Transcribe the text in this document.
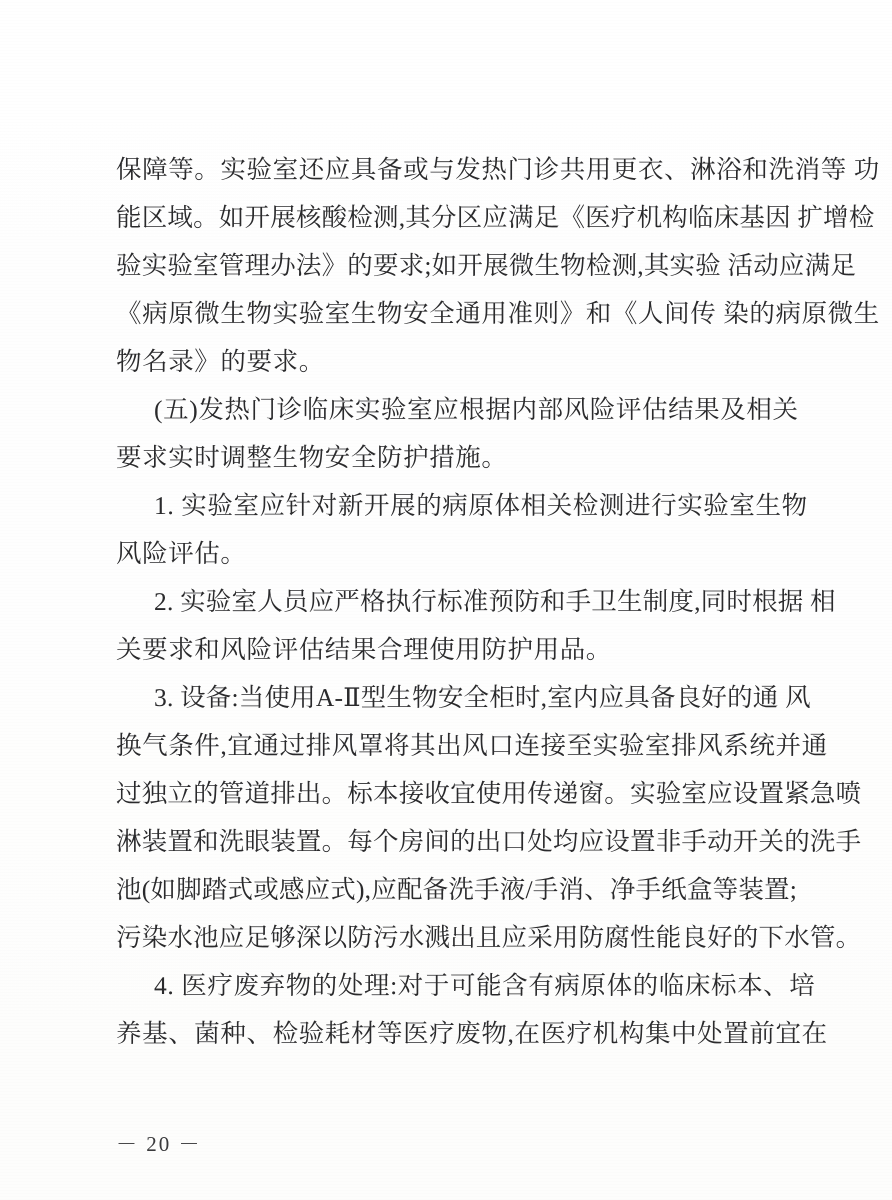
保障等。实验室还应具备或与发热门诊共用更衣、淋浴和洗消等 功
能区域。如开展核酸检测,其分区应满足《医疗机构临床基因 扩增检
验实验室管理办法》的要求;如开展微生物检测,其实验 活动应满足
《病原微生物实验室生物安全通用准则》和《人间传 染的病原微生
物名录》的要求。
(五)发热门诊临床实验室应根据内部风险评估结果及相关
要求实时调整生物安全防护措施。
1. 实验室应针对新开展的病原体相关检测进行实验室生物
风险评估。
2. 实验室人员应严格执行标准预防和手卫生制度,同时根据 相
关要求和风险评估结果合理使用防护用品。
3. 设备:当使用A-Ⅱ型生物安全柜时,室内应具备良好的通 风
换气条件,宜通过排风罩将其出风口连接至实验室排风系统并通
过独立的管道排出。标本接收宜使用传递窗。实验室应设置紧急喷
淋装置和洗眼装置。每个房间的出口处均应设置非手动开关的洗手
池(如脚踏式或感应式),应配备洗手液/手消、净手纸盒等装置;
污染水池应足够深以防污水溅出且应采用防腐性能良好的下水管。
4. 医疗废弃物的处理:对于可能含有病原体的临床标本、培
养基、菌种、检验耗材等医疗废物,在医疗机构集中处置前宜在
－ 20 －
